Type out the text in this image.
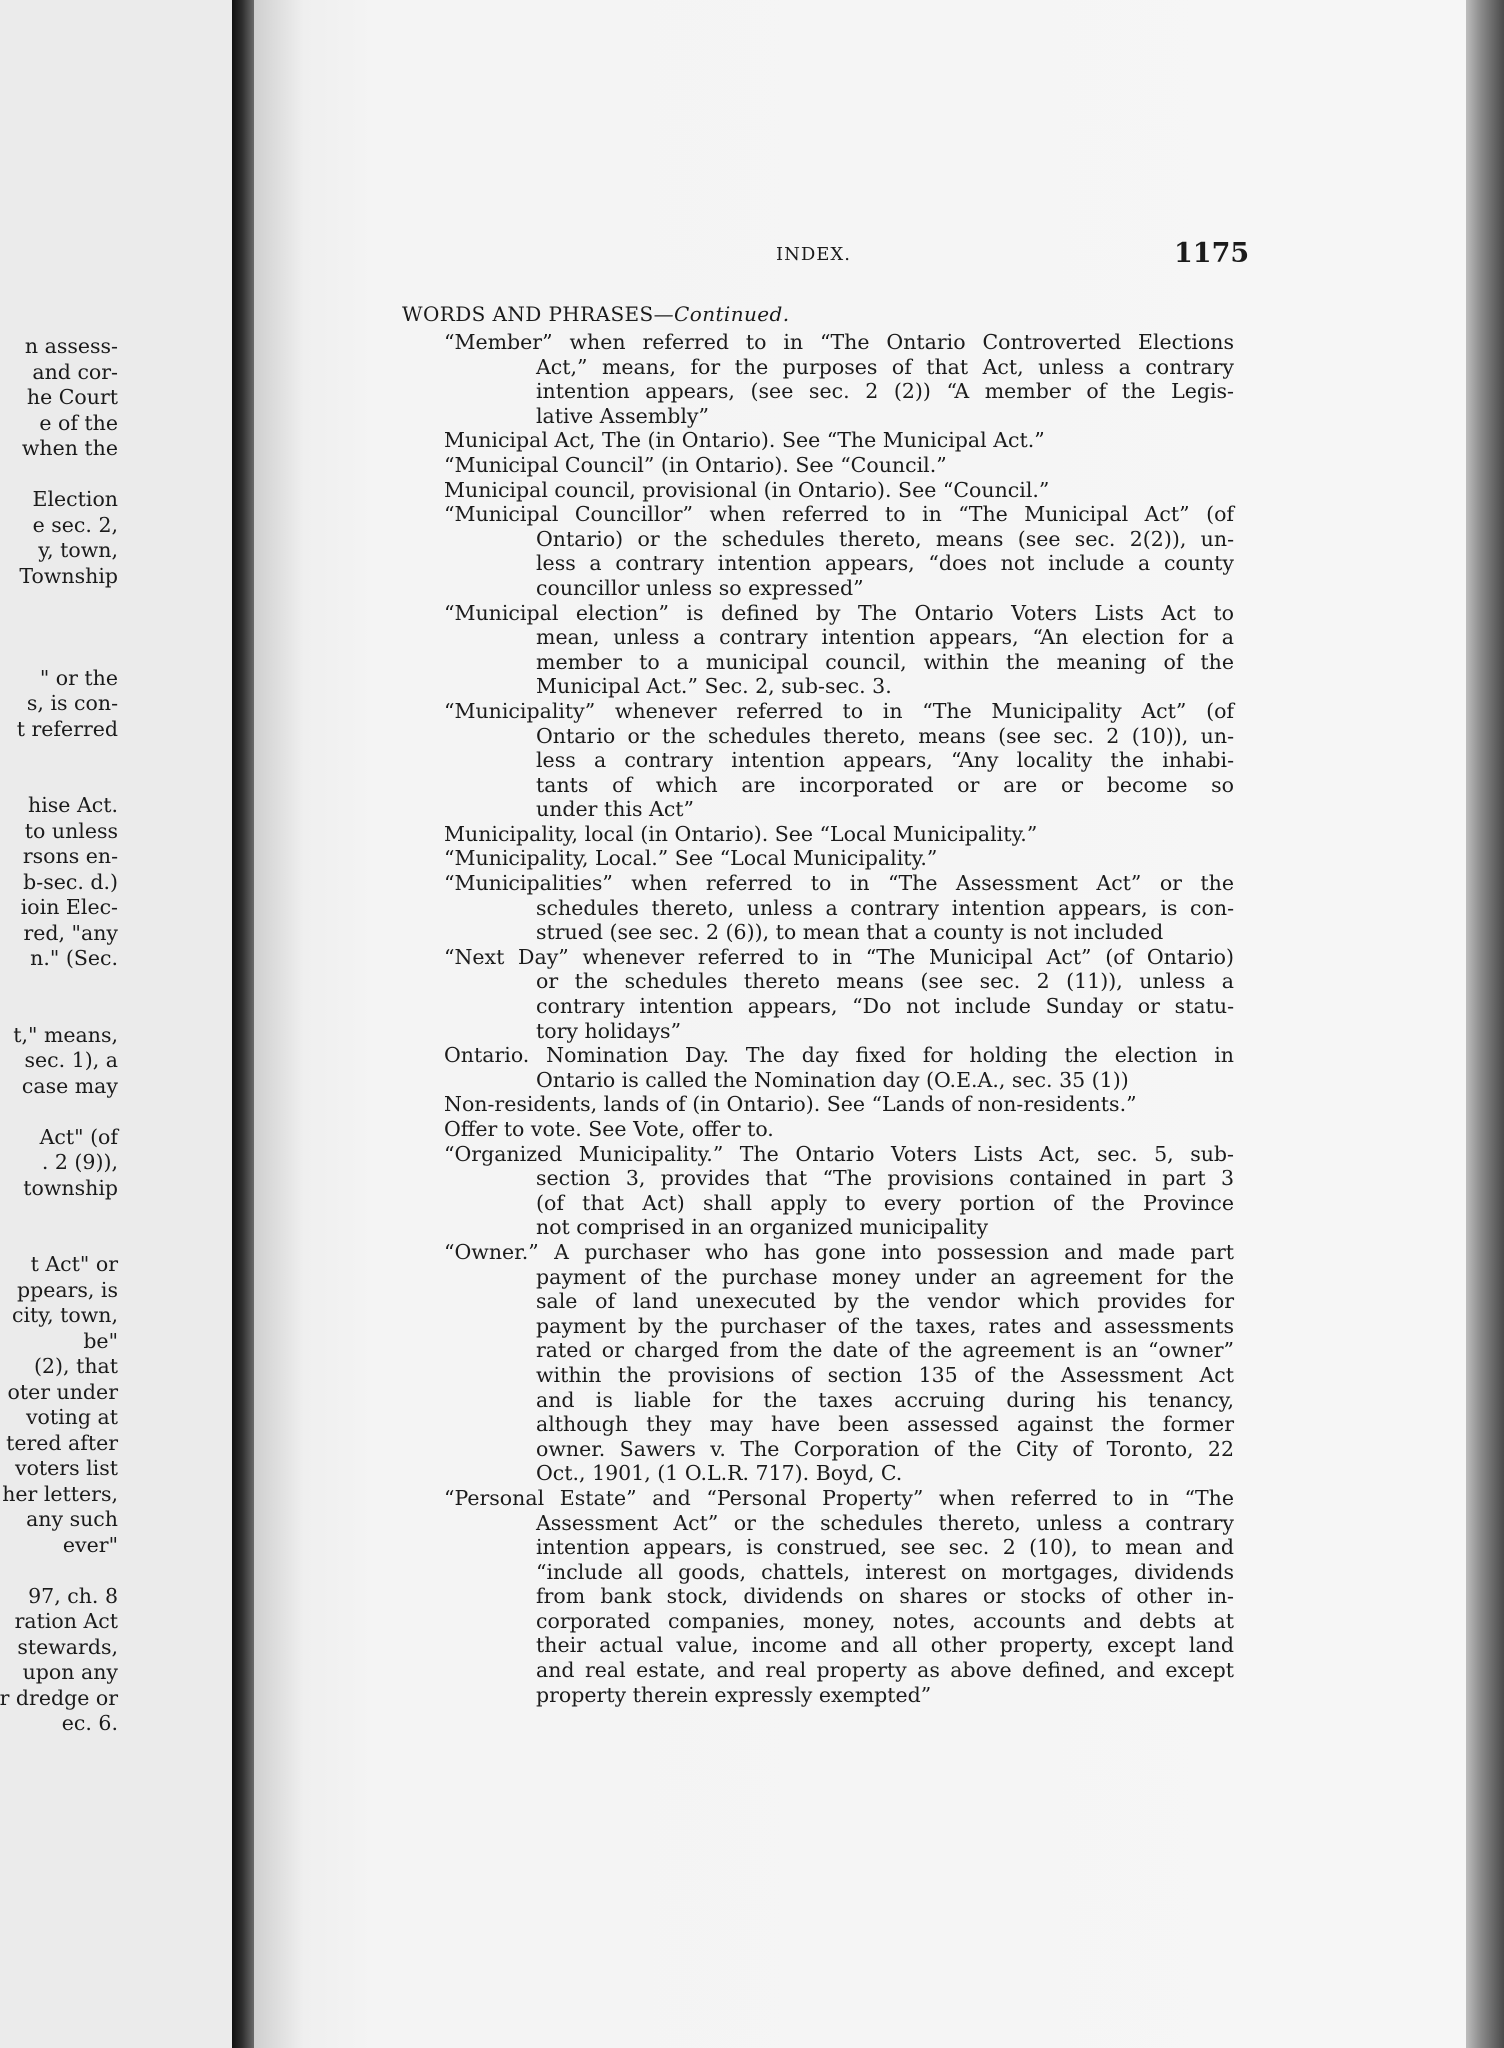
n assess-
and cor-
he Court
e of the
when the
Election
e sec. 2,
y, town,
Township
" or the
s, is con-
t referred
hise Act.
to unless
rsons en-
b-sec. d.)
ioin Elec-
red, "any
n." (Sec.
t," means,
sec. 1), a
case may
Act" (of
. 2 (9)),
township
t Act" or
ppears, is
city, town,
be"
(2), that
oter under
voting at
tered after
voters list
her letters,
any such
ever"
97, ch. 8
ration Act
stewards,
upon any
r dredge or
ec. 6.
INDEX.	1175
WORDS AND PHRASES—Continued.
“Member” when referred to in “The Ontario Controverted Elections
Act,” means, for the purposes of that Act, unless a contrary
intention appears, (see sec. 2 (2)) “A member of the Legis-
lative Assembly”
Municipal Act, The (in Ontario). See “The Municipal Act.”
“Municipal Council” (in Ontario). See “Council.”
Municipal council, provisional (in Ontario). See “Council.”
“Municipal Councillor” when referred to in “The Municipal Act” (of
Ontario) or the schedules thereto, means (see sec. 2(2)), un-
less a contrary intention appears, “does not include a county
councillor unless so expressed”
“Municipal election” is defined by The Ontario Voters Lists Act to
mean, unless a contrary intention appears, “An election for a
member to a municipal council, within the meaning of the
Municipal Act.” Sec. 2, sub-sec. 3.
“Municipality” whenever referred to in “The Municipality Act” (of
Ontario or the schedules thereto, means (see sec. 2 (10)), un-
less a contrary intention appears, “Any locality the inhabi-
tants of which are incorporated or are or become so
under this Act”
Municipality, local (in Ontario). See “Local Municipality.”
“Municipality, Local.” See “Local Municipality.”
“Municipalities” when referred to in “The Assessment Act” or the
schedules thereto, unless a contrary intention appears, is con-
strued (see sec. 2 (6)), to mean that a county is not included
“Next Day” whenever referred to in “The Municipal Act” (of Ontario)
or the schedules thereto means (see sec. 2 (11)), unless a
contrary intention appears, “Do not include Sunday or statu-
tory holidays”
Ontario. Nomination Day. The day fixed for holding the election in
Ontario is called the Nomination day (O.E.A., sec. 35 (1))
Non-residents, lands of (in Ontario). See “Lands of non-residents.”
Offer to vote. See Vote, offer to.
“Organized Municipality.” The Ontario Voters Lists Act, sec. 5, sub-
section 3, provides that “The provisions contained in part 3
(of that Act) shall apply to every portion of the Province
not comprised in an organized municipality
“Owner.” A purchaser who has gone into possession and made part
payment of the purchase money under an agreement for the
sale of land unexecuted by the vendor which provides for
payment by the purchaser of the taxes, rates and assessments
rated or charged from the date of the agreement is an “owner”
within the provisions of section 135 of the Assessment Act
and is liable for the taxes accruing during his tenancy,
although they may have been assessed against the former
owner. Sawers v. The Corporation of the City of Toronto, 22
Oct., 1901, (1 O.L.R. 717). Boyd, C.
“Personal Estate” and “Personal Property” when referred to in “The
Assessment Act” or the schedules thereto, unless a contrary
intention appears, is construed, see sec. 2 (10), to mean and
“include all goods, chattels, interest on mortgages, dividends
from bank stock, dividends on shares or stocks of other in-
corporated companies, money, notes, accounts and debts at
their actual value, income and all other property, except land
and real estate, and real property as above defined, and except
property therein expressly exempted”
